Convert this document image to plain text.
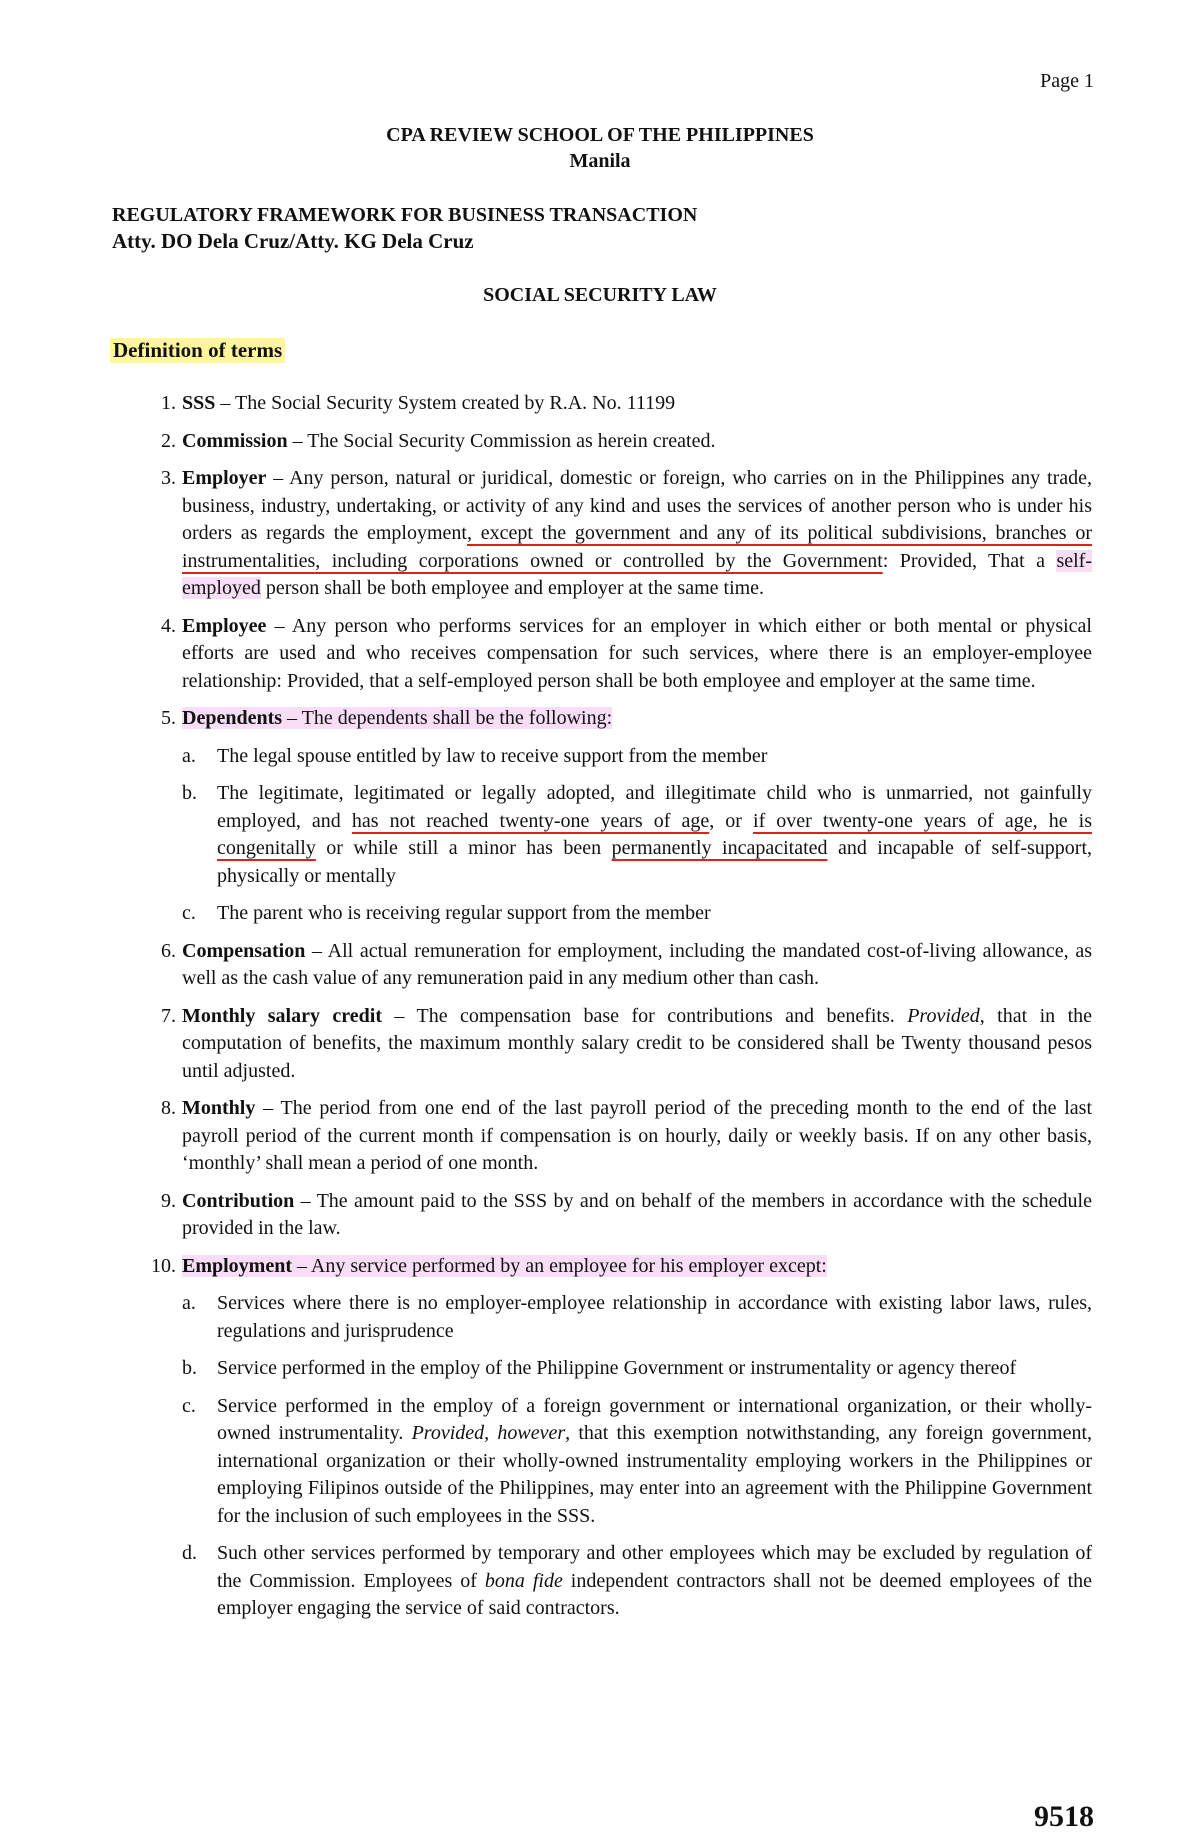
Page 1
CPA REVIEW SCHOOL OF THE PHILIPPINES
Manila
REGULATORY FRAMEWORK FOR BUSINESS TRANSACTION
Atty. DO Dela Cruz/Atty. KG Dela Cruz
SOCIAL SECURITY LAW
Definition of terms
1. SSS – The Social Security System created by R.A. No. 11199
2. Commission – The Social Security Commission as herein created.
3. Employer – Any person, natural or juridical, domestic or foreign, who carries on in the Philippines any trade, business, industry, undertaking, or activity of any kind and uses the services of another person who is under his orders as regards the employment, except the government and any of its political subdivisions, branches or instrumentalities, including corporations owned or controlled by the Government: Provided, That a self-employed person shall be both employee and employer at the same time.
4. Employee – Any person who performs services for an employer in which either or both mental or physical efforts are used and who receives compensation for such services, where there is an employer-employee relationship: Provided, that a self-employed person shall be both employee and employer at the same time.
5. Dependents – The dependents shall be the following:
a. The legal spouse entitled by law to receive support from the member
b. The legitimate, legitimated or legally adopted, and illegitimate child who is unmarried, not gainfully employed, and has not reached twenty-one years of age, or if over twenty-one years of age, he is congenitally or while still a minor has been permanently incapacitated and incapable of self-support, physically or mentally
c. The parent who is receiving regular support from the member
6. Compensation – All actual remuneration for employment, including the mandated cost-of-living allowance, as well as the cash value of any remuneration paid in any medium other than cash.
7. Monthly salary credit – The compensation base for contributions and benefits. Provided, that in the computation of benefits, the maximum monthly salary credit to be considered shall be Twenty thousand pesos until adjusted.
8. Monthly – The period from one end of the last payroll period of the preceding month to the end of the last payroll period of the current month if compensation is on hourly, daily or weekly basis. If on any other basis, ‘monthly’ shall mean a period of one month.
9. Contribution – The amount paid to the SSS by and on behalf of the members in accordance with the schedule provided in the law.
10. Employment – Any service performed by an employee for his employer except:
a. Services where there is no employer-employee relationship in accordance with existing labor laws, rules, regulations and jurisprudence
b. Service performed in the employ of the Philippine Government or instrumentality or agency thereof
c. Service performed in the employ of a foreign government or international organization, or their wholly-owned instrumentality. Provided, however, that this exemption notwithstanding, any foreign government, international organization or their wholly-owned instrumentality employing workers in the Philippines or employing Filipinos outside of the Philippines, may enter into an agreement with the Philippine Government for the inclusion of such employees in the SSS.
d. Such other services performed by temporary and other employees which may be excluded by regulation of the Commission. Employees of bona fide independent contractors shall not be deemed employees of the employer engaging the service of said contractors.
9518
